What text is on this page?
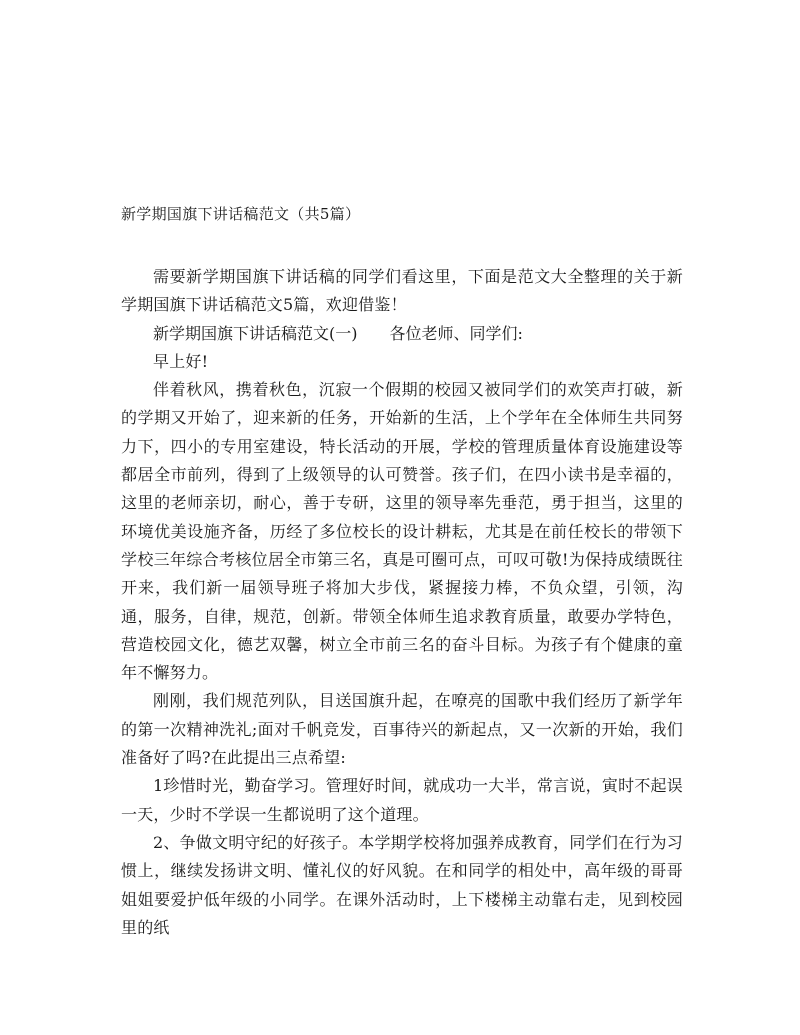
新学期国旗下讲话稿范文（共5篇）

需要新学期国旗下讲话稿的同学们看这里，下面是范文大全整理的关于新学期国旗下讲话稿范文5篇，欢迎借鉴！

新学期国旗下讲话稿范文(一) 各位老师、同学们:

早上好!

伴着秋风，携着秋色，沉寂一个假期的校园又被同学们的欢笑声打破，新的学期又开始了，迎来新的任务，开始新的生活，上个学年在全体师生共同努力下，四小的专用室建设，特长活动的开展，学校的管理质量体育设施建设等都居全市前列，得到了上级领导的认可赞誉。孩子们，在四小读书是幸福的，这里的老师亲切，耐心，善于专研，这里的领导率先垂范，勇于担当，这里的环境优美设施齐备，历经了多位校长的设计耕耘，尤其是在前任校长的带领下学校三年综合考核位居全市第三名，真是可圈可点，可叹可敬!为保持成绩既往开来，我们新一届领导班子将加大步伐，紧握接力棒，不负众望，引领，沟通，服务，自律，规范，创新。带领全体师生追求教育质量，敢要办学特色，营造校园文化，德艺双馨，树立全市前三名的奋斗目标。为孩子有个健康的童年不懈努力。

刚刚，我们规范列队，目送国旗升起，在嘹亮的国歌中我们经历了新学年的第一次精神洗礼;面对千帆竞发，百事待兴的新起点，又一次新的开始，我们准备好了吗?在此提出三点希望:

1珍惜时光，勤奋学习。管理好时间，就成功一大半，常言说，寅时不起误一天，少时不学误一生都说明了这个道理。

2、争做文明守纪的好孩子。本学期学校将加强养成教育，同学们在行为习惯上，继续发扬讲文明、懂礼仪的好风貌。在和同学的相处中，高年级的哥哥姐姐要爱护低年级的小同学。在课外活动时，上下楼梯主动靠右走，见到校园里的纸
